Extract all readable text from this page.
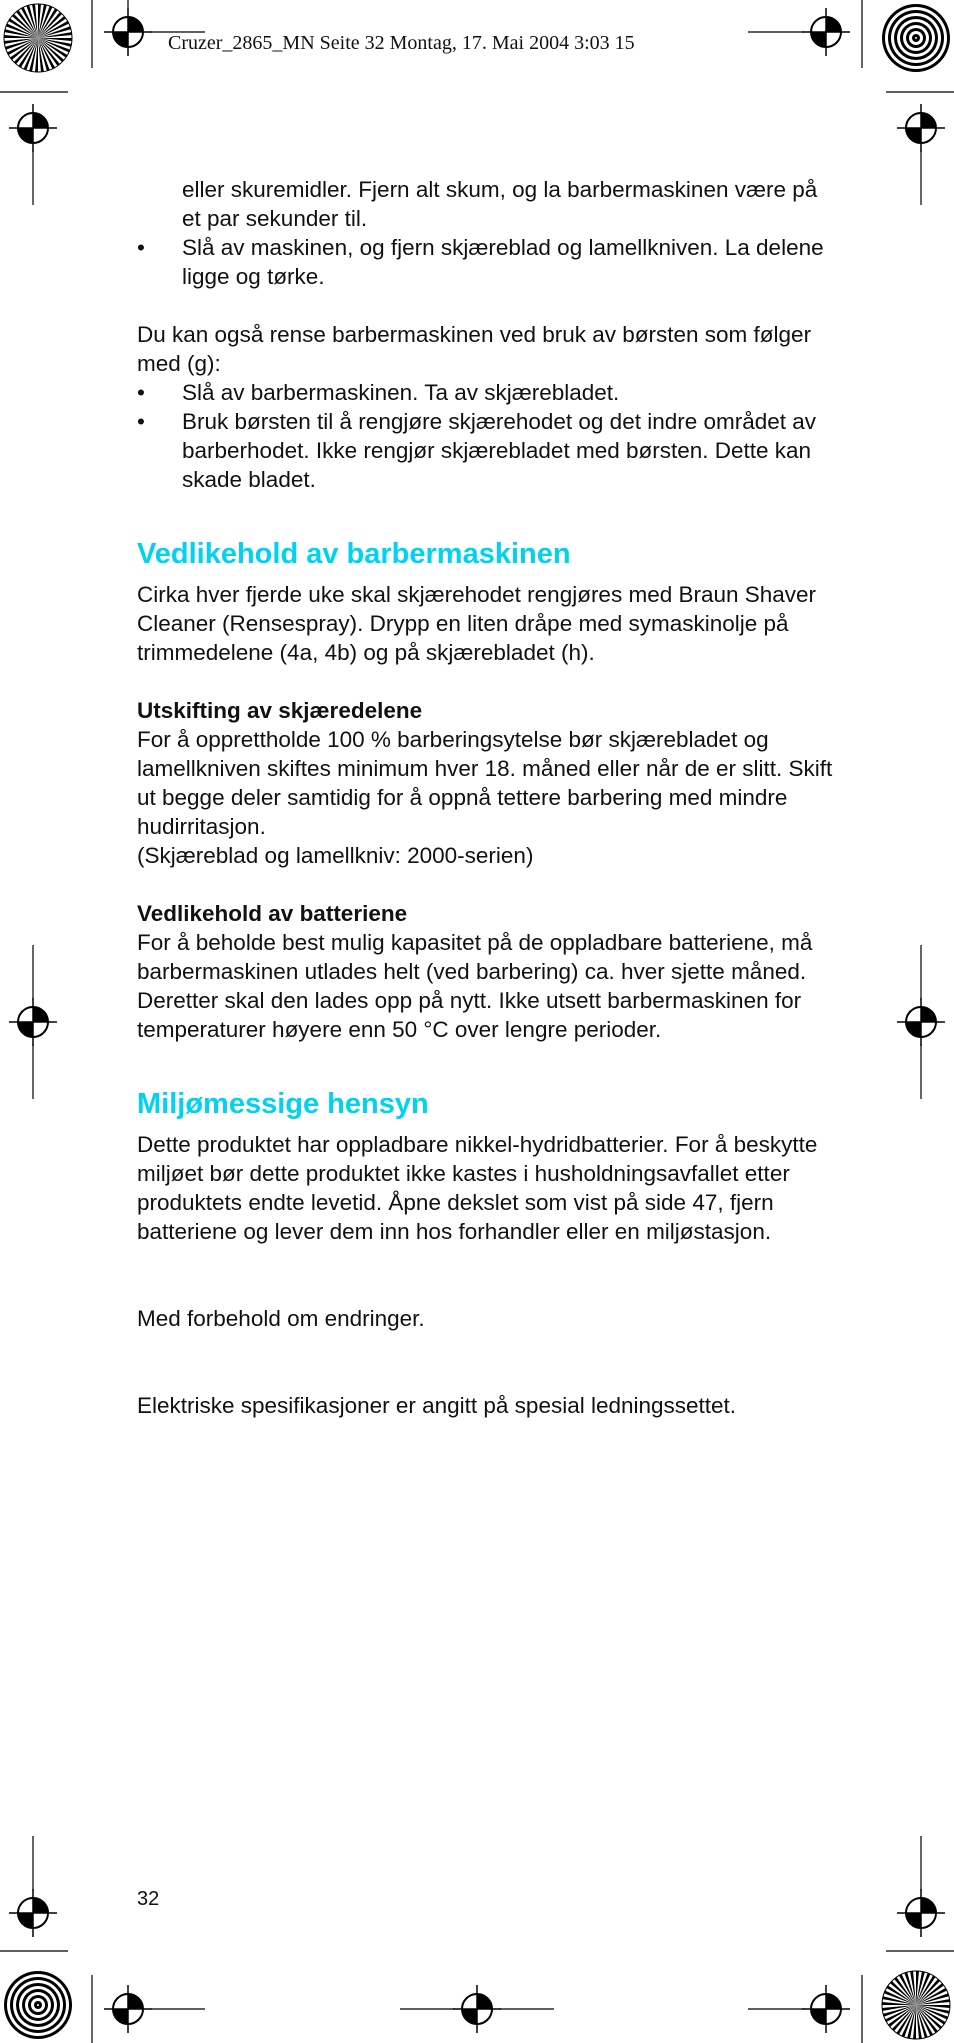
Cruzer_2865_MN Seite 32 Montag, 17. Mai 2004 3:03 15

eller skuremidler. Fjern alt skum, og la barbermaskinen være på et par sekunder til.

• Slå av maskinen, og fjern skjæreblad og lamellkniven. La delene ligge og tørke.

Du kan også rense barbermaskinen ved bruk av børsten som følger med (g):

• Slå av barbermaskinen. Ta av skjærebladet.
• Bruk børsten til å rengjøre skjærehodet og det indre området av barberhodet. Ikke rengjør skjærebladet med børsten. Dette kan skade bladet.
Vedlikehold av barbermaskinen

Cirka hver fjerde uke skal skjærehodet rengjøres med Braun Shaver Cleaner (Rensespray). Drypp en liten dråpe med symaskinolje på trimmedelene (4a, 4b) og på skjærebladet (h).

Utskifting av skjæredelene

For å opprettholde 100 % barberingsytelse bør skjærebladet og lamellkniven skiftes minimum hver 18. måned eller når de er slitt. Skift ut begge deler samtidig for å oppnå tettere barbering med mindre hudirritasjon.

(Skjæreblad og lamellkniv: 2000-serien)

Vedlikehold av batteriene

For å beholde best mulig kapasitet på de oppladbare batteriene, må barbermaskinen utlades helt (ved barbering) ca. hver sjette måned. Deretter skal den lades opp på nytt. Ikke utsett barbermaskinen for temperaturer høyere enn 50 °C over lengre perioder.

Miljømessige hensyn

Dette produktet har oppladbare nikkel-hydridbatterier. For å beskytte miljøet bør dette produktet ikke kastes i husholdningsavfallet etter produktets endte levetid. Åpne dekslet som vist på side 47, fjern batteriene og lever dem inn hos forhandler eller en miljøstasjon.

Med forbehold om endringer.

Elektriske spesifikasjoner er angitt på spesial ledningssettet.

32
